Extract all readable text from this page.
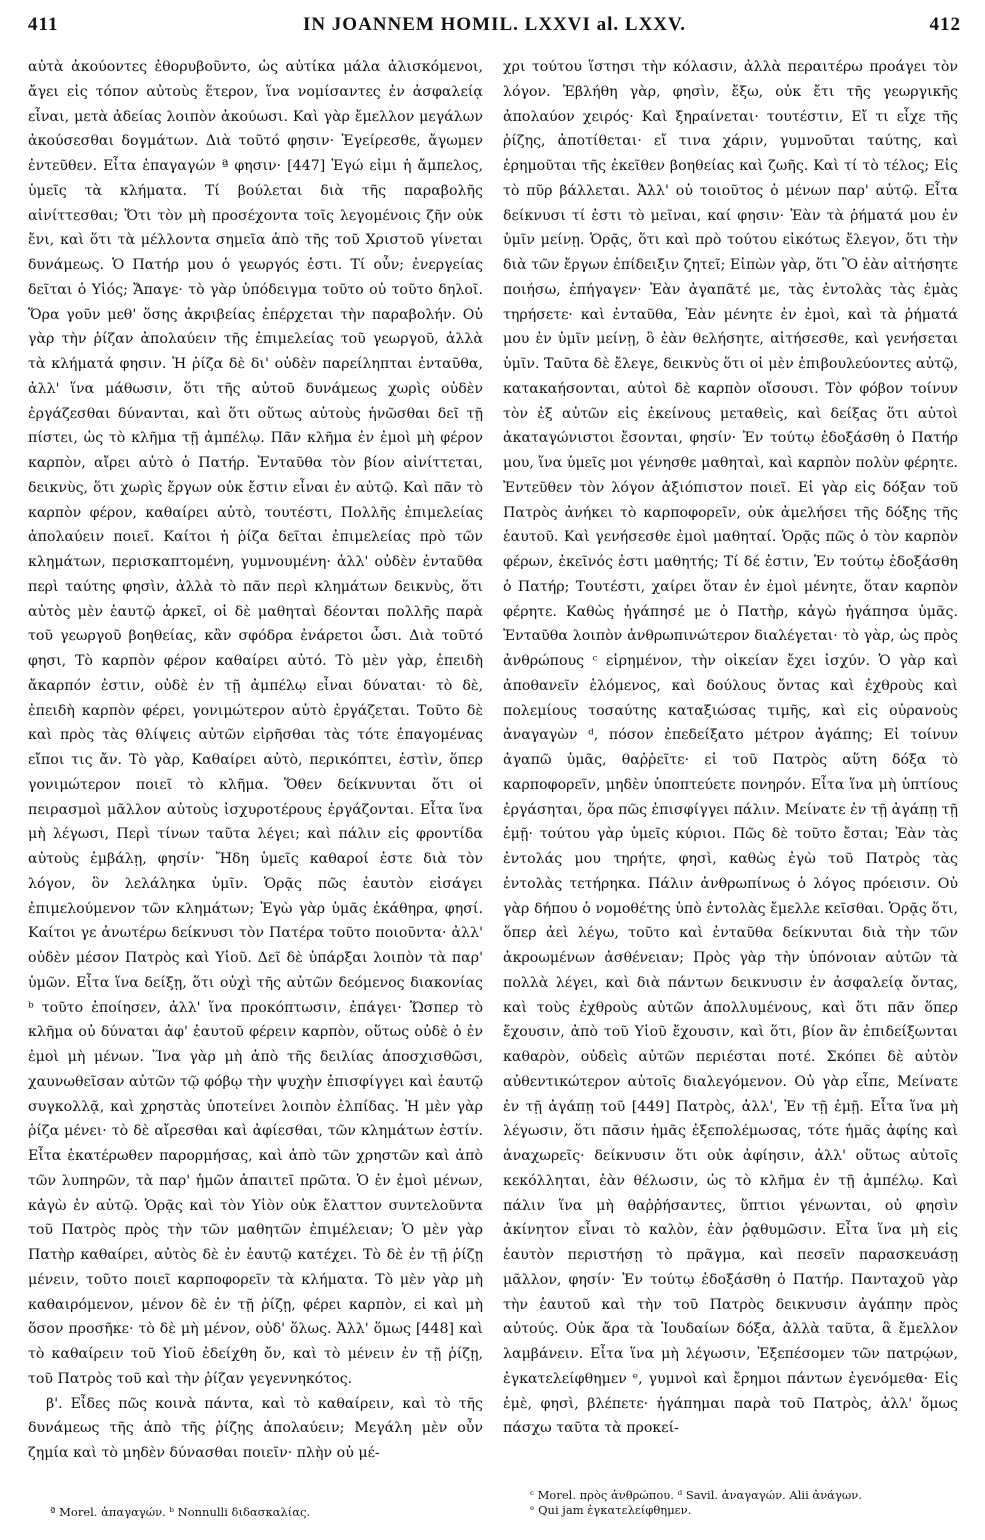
411	IN JOANNEM HOMIL. LXXVI al. LXXV.	412

αὐτὰ ἀκούοντες ἐθορυβοῦντο, ὡς αὐτίκα μάλα ἁλισκόμενοι, ἄγει εἰς τόπον αὐτοὺς ἕτερον, ἵνα νομίσαντες ἐν ἀσφαλείᾳ εἶναι, μετὰ ἀδείας λοιπὸν ἀκούωσι. Καὶ γὰρ ἔμελλον μεγάλων ἀκούσεσθαι δογμάτων. Διὰ τοῦτό φησιν· Ἐγείρεσθε, ἄγωμεν ἐντεῦθεν. Εἶτα ἐπαγαγών ª φησιν· [447] Ἐγώ εἰμι ἡ ἄμπελος, ὑμεῖς τὰ κλήματα. Τί βούλεται διὰ τῆς παραβολῆς αἰνίττεσθαι; Ὅτι τὸν μὴ προσέχοντα τοῖς λεγομένοις ζῆν οὐκ ἔνι, καὶ ὅτι τὰ μέλλοντα σημεῖα ἀπὸ τῆς τοῦ Χριστοῦ γίνεται δυνάμεως. Ὁ Πατήρ μου ὁ γεωργός ἐστι. Τί οὖν; ἐνεργείας δεῖται ὁ Υἱός; Ἄπαγε· τὸ γὰρ ὑπόδειγμα τοῦτο οὐ τοῦτο δηλοῖ. Ὅρα γοῦν μεθ' ὅσης ἀκριβείας ἐπέρχεται τὴν παραβολήν. Οὐ γὰρ τὴν ῥίζαν ἀπολαύειν τῆς ἐπιμελείας τοῦ γεωργοῦ, ἀλλὰ τὰ κλήματά φησιν. Ἡ ῥίζα δὲ δι' οὐδὲν παρείληπται ἐνταῦθα, ἀλλ' ἵνα μάθωσιν, ὅτι τῆς αὐτοῦ δυνάμεως χωρὶς οὐδὲν ἐργάζεσθαι δύνανται, καὶ ὅτι οὕτως αὐτοὺς ἡνῶσθαι δεῖ τῇ πίστει, ὡς τὸ κλῆμα τῇ ἀμπέλῳ. Πᾶν κλῆμα ἐν ἐμοὶ μὴ φέρον καρπὸν, αἴρει αὐτὸ ὁ Πατήρ. Ἐνταῦθα τὸν βίον αἰνίττεται, δεικνὺς, ὅτι χωρὶς ἔργων οὐκ ἔστιν εἶναι ἐν αὐτῷ. Καὶ πᾶν τὸ καρπὸν φέρον, καθαίρει αὐτὸ, τουτέστι, Πολλῆς ἐπιμελείας ἀπολαύειν ποιεῖ. Καίτοι ἡ ῥίζα δεῖται ἐπιμελείας πρὸ τῶν κλημάτων, περισκαπτομένη, γυμνουμένη· ἀλλ' οὐδὲν ἐνταῦθα περὶ ταύτης φησὶν, ἀλλὰ τὸ πᾶν περὶ κλημάτων δεικνὺς, ὅτι αὐτὸς μὲν ἑαυτῷ ἀρκεῖ, οἱ δὲ μαθηταὶ δέονται πολλῆς παρὰ τοῦ γεωργοῦ βοηθείας, κἂν σφόδρα ἐνάρετοι ὦσι. Διὰ τοῦτό φησι, Τὸ καρπὸν φέρον καθαίρει αὐτό. Τὸ μὲν γὰρ, ἐπειδὴ ἄκαρπόν ἐστιν, οὐδὲ ἐν τῇ ἀμπέλῳ εἶναι δύναται· τὸ δὲ, ἐπειδὴ καρπὸν φέρει, γονιμώτερον αὐτὸ ἐργάζεται. Τοῦτο δὲ καὶ πρὸς τὰς θλίψεις αὐτῶν εἰρῆσθαι τὰς τότε ἐπαγομένας εἴποι τις ἄν. Τὸ γὰρ, Καθαίρει αὐτὸ, περικόπτει, ἐστὶν, ὅπερ γονιμώτερον ποιεῖ τὸ κλῆμα. Ὅθεν δείκνυνται ὅτι οἱ πειρασμοὶ μᾶλλον αὐτοὺς ἰσχυροτέρους ἐργάζονται. Εἶτα ἵνα μὴ λέγωσι, Περὶ τίνων ταῦτα λέγει; καὶ πάλιν εἰς φροντίδα αὐτοὺς ἐμβάλῃ, φησίν· Ἤδη ὑμεῖς καθαροί ἐστε διὰ τὸν λόγον, ὃν λελάληκα ὑμῖν. Ὁρᾷς πῶς ἑαυτὸν εἰσάγει ἐπιμελούμενον τῶν κλημάτων; Ἐγὼ γὰρ ὑμᾶς ἐκάθηρα, φησί. Καίτοι γε ἀνωτέρω δείκνυσι τὸν Πατέρα τοῦτο ποιοῦντα· ἀλλ' οὐδὲν μέσον Πατρὸς καὶ Υἱοῦ. Δεῖ δὲ ὑπάρξαι λοιπὸν τὰ παρ' ὑμῶν. Εἶτα ἵνα δείξῃ, ὅτι οὐχὶ τῆς αὐτῶν δεόμενος διακονίας ᵇ τοῦτο ἐποίησεν, ἀλλ' ἵνα προκόπτωσιν, ἐπάγει· Ὥσπερ τὸ κλῆμα οὐ δύναται ἀφ' ἑαυτοῦ φέρειν καρπὸν, οὕτως οὐδὲ ὁ ἐν ἐμοὶ μὴ μένων. Ἵνα γὰρ μὴ ἀπὸ τῆς δειλίας ἀποσχισθῶσι, χαυνωθεῖσαν αὐτῶν τῷ φόβῳ τὴν ψυχὴν ἐπισφίγγει καὶ ἑαυτῷ συγκολλᾷ, καὶ χρηστὰς ὑποτείνει λοιπὸν ἐλπίδας. Ἡ μὲν γὰρ ῥίζα μένει· τὸ δὲ αἴρεσθαι καὶ ἀφίεσθαι, τῶν κλημάτων ἐστίν. Εἶτα ἑκατέρωθεν παρορμήσας, καὶ ἀπὸ τῶν χρηστῶν καὶ ἀπὸ τῶν λυπηρῶν, τὰ παρ' ἡμῶν ἀπαιτεῖ πρῶτα. Ὁ ἐν ἐμοὶ μένων, κἀγὼ ἐν αὐτῷ. Ὁρᾷς καὶ τὸν Υἱὸν οὐκ ἔλαττον συντελοῦντα τοῦ Πατρὸς πρὸς τὴν τῶν μαθητῶν ἐπιμέλειαν; Ὁ μὲν γὰρ Πατὴρ καθαίρει, αὐτὸς δὲ ἐν ἑαυτῷ κατέχει. Τὸ δὲ ἐν τῇ ῥίζῃ μένειν, τοῦτο ποιεῖ καρποφορεῖν τὰ κλήματα. Τὸ μὲν γὰρ μὴ καθαιρόμενον, μένον δὲ ἐν τῇ ῥίζῃ, φέρει καρπὸν, εἰ καὶ μὴ ὅσον προσῆκε· τὸ δὲ μὴ μένον, οὐδ' ὅλως. Ἀλλ' ὅμως [448] καὶ τὸ καθαίρειν τοῦ Υἱοῦ ἐδείχθη ὄν, καὶ τὸ μένειν ἐν τῇ ῥίζῃ, τοῦ Πατρὸς τοῦ καὶ τὴν ῥίζαν γεγεννηκότος.

β'. Εἶδες πῶς κοινὰ πάντα, καὶ τὸ καθαίρειν, καὶ τὸ τῆς δυνάμεως τῆς ἀπὸ τῆς ῥίζης ἀπολαύειν; Μεγάλη μὲν οὖν ζημία καὶ τὸ μηδὲν δύνασθαι ποιεῖν· πλὴν οὐ μέ-

χρι τούτου ἵστησι τὴν κόλασιν, ἀλλὰ περαιτέρω προάγει τὸν λόγον. Ἐβλήθη γὰρ, φησὶν, ἔξω, οὐκ ἔτι τῆς γεωργικῆς ἀπολαύον χειρός· Καὶ ξηραίνεται· τουτέστιν, Εἴ τι εἶχε τῆς ῥίζης, ἀποτίθεται· εἴ τινα χάριν, γυμνοῦται ταύτης, καὶ ἐρημοῦται τῆς ἐκεῖθεν βοηθείας καὶ ζωῆς. Καὶ τί τὸ τέλος; Εἰς τὸ πῦρ βάλλεται. Ἀλλ' οὐ τοιοῦτος ὁ μένων παρ' αὐτῷ. Εἶτα δείκνυσι τί ἐστι τὸ μεῖναι, καί φησιν· Ἐὰν τὰ ῥήματά μου ἐν ὑμῖν μείνῃ. Ὁρᾷς, ὅτι καὶ πρὸ τούτου εἰκότως ἔλεγον, ὅτι τὴν διὰ τῶν ἔργων ἐπίδειξιν ζητεῖ; Εἰπὼν γὰρ, ὅτι Ὃ ἐὰν αἰτήσητε ποιήσω, ἐπήγαγεν· Ἐὰν ἀγαπᾶτέ με, τὰς ἐντολὰς τὰς ἐμὰς τηρήσετε· καὶ ἐνταῦθα, Ἐὰν μένητε ἐν ἐμοὶ, καὶ τὰ ῥήματά μου ἐν ὑμῖν μείνῃ, ὃ ἐὰν θελήσητε, αἰτήσεσθε, καὶ γενήσεται ὑμῖν. Ταῦτα δὲ ἔλεγε, δεικνὺς ὅτι οἱ μὲν ἐπιβουλεύοντες αὐτῷ, κατακαήσονται, αὐτοὶ δὲ καρπὸν οἴσουσι. Τὸν φόβον τοίνυν τὸν ἐξ αὐτῶν εἰς ἐκείνους μεταθεὶς, καὶ δείξας ὅτι αὐτοὶ ἀκαταγώνιστοι ἔσονται, φησίν· Ἐν τούτῳ ἐδοξάσθη ὁ Πατήρ μου, ἵνα ὑμεῖς μοι γένησθε μαθηταὶ, καὶ καρπὸν πολὺν φέρητε. Ἐντεῦθεν τὸν λόγον ἀξιόπιστον ποιεῖ. Εἰ γὰρ εἰς δόξαν τοῦ Πατρὸς ἀνήκει τὸ καρποφορεῖν, οὐκ ἀμελήσει τῆς δόξης τῆς ἑαυτοῦ. Καὶ γενήσεσθε ἐμοὶ μαθηταί. Ὁρᾷς πῶς ὁ τὸν καρπὸν φέρων, ἐκεῖνός ἐστι μαθητής; Τί δέ ἐστιν, Ἐν τούτῳ ἐδοξάσθη ὁ Πατήρ; Τουτέστι, χαίρει ὅταν ἐν ἐμοὶ μένητε, ὅταν καρπὸν φέρητε. Καθὼς ἠγάπησέ με ὁ Πατὴρ, κἀγὼ ἠγάπησα ὑμᾶς. Ἐνταῦθα λοιπὸν ἀνθρωπινώτερον διαλέγεται· τὸ γὰρ, ὡς πρὸς ἀνθρώπους ᶜ εἰρημένον, τὴν οἰκείαν ἔχει ἰσχύν. Ὁ γὰρ καὶ ἀποθανεῖν ἑλόμενος, καὶ δούλους ὄντας καὶ ἐχθροὺς καὶ πολεμίους τοσαύτης καταξιώσας τιμῆς, καὶ εἰς οὐρανοὺς ἀναγαγὼν ᵈ, πόσον ἐπεδείξατο μέτρον ἀγάπης; Εἰ τοίνυν ἀγαπῶ ὑμᾶς, θαῤῥεῖτε· εἰ τοῦ Πατρὸς αὕτη δόξα τὸ καρποφορεῖν, μηδὲν ὑποπτεύετε πονηρόν. Εἶτα ἵνα μὴ ὑπτίους ἐργάσηται, ὅρα πῶς ἐπισφίγγει πάλιν. Μείνατε ἐν τῇ ἀγάπῃ τῇ ἐμῇ· τούτου γὰρ ὑμεῖς κύριοι. Πῶς δὲ τοῦτο ἔσται; Ἐὰν τὰς ἐντολάς μου τηρήτε, φησὶ, καθὼς ἐγὼ τοῦ Πατρὸς τὰς ἐντολὰς τετήρηκα. Πάλιν ἀνθρωπίνως ὁ λόγος πρόεισιν. Οὐ γὰρ δήπου ὁ νομοθέτης ὑπὸ ἐντολὰς ἔμελλε κεῖσθαι. Ὁρᾷς ὅτι, ὅπερ ἀεὶ λέγω, τοῦτο καὶ ἐνταῦθα δείκνυται διὰ τὴν τῶν ἀκροωμένων ἀσθένειαν; Πρὸς γὰρ τὴν ὑπόνοιαν αὐτῶν τὰ πολλὰ λέγει, καὶ διὰ πάντων δεικνυσιν ἐν ἀσφαλείᾳ ὄντας, καὶ τοὺς ἐχθροὺς αὐτῶν ἀπολλυμένους, καὶ ὅτι πᾶν ὅπερ ἔχουσιν, ἀπὸ τοῦ Υἱοῦ ἔχουσιν, καὶ ὅτι, βίον ἂν ἐπιδείξωνται καθαρὸν, οὐδεὶς αὐτῶν περιέσται ποτέ. Σκόπει δὲ αὐτὸν αὐθεντικώτερον αὐτοῖς διαλεγόμενον. Οὐ γὰρ εἶπε, Μείνατε ἐν τῇ ἀγάπῃ τοῦ [449] Πατρὸς, ἀλλ', Ἐν τῇ ἐμῇ. Εἶτα ἵνα μὴ λέγωσιν, ὅτι πᾶσιν ἡμᾶς ἐξεπολέμωσας, τότε ἡμᾶς ἀφίης καὶ ἀναχωρεῖς· δείκνυσιν ὅτι οὐκ ἀφίησιν, ἀλλ' οὕτως αὐτοῖς κεκόλληται, ἐὰν θέλωσιν, ὡς τὸ κλῆμα ἐν τῇ ἀμπέλῳ. Καὶ πάλιν ἵνα μὴ θαῤῥήσαντες, ὕπτιοι γένωνται, οὐ φησὶν ἀκίνητον εἶναι τὸ καλὸν, ἐὰν ῥᾳθυμῶσιν. Εἶτα ἵνα μὴ εἰς ἑαυτὸν περιστήσῃ τὸ πρᾶγμα, καὶ πεσεῖν παρασκευάσῃ μᾶλλον, φησίν· Ἐν τούτῳ ἐδοξάσθη ὁ Πατήρ. Πανταχοῦ γὰρ τὴν ἑαυτοῦ καὶ τὴν τοῦ Πατρὸς δεικνυσιν ἀγάπην πρὸς αὐτούς. Οὐκ ἄρα τὰ Ἰουδαίων δόξα, ἀλλὰ ταῦτα, ἃ ἔμελλον λαμβάνειν. Εἶτα ἵνα μὴ λέγωσιν, Ἐξεπέσομεν τῶν πατρῴων, ἐγκατελείφθημεν ᵉ, γυμνοὶ καὶ ἔρημοι πάντων ἐγενόμεθα· Εἰς ἐμὲ, φησὶ, βλέπετε· ἠγάπημαι παρὰ τοῦ Πατρὸς, ἀλλ' ὅμως πάσχω ταῦτα τὰ προκεί-

ª Morel. ἀπαγαγών. ᵇ Nonnulli διδασκαλίας.
ᶜ Morel. πρὸς ἀνθρώπου. ᵈ Savil. ἀναγαγών. Alii ἀνάγων.
ᵉ Qui jam ἐγκατελείφθημεν.
